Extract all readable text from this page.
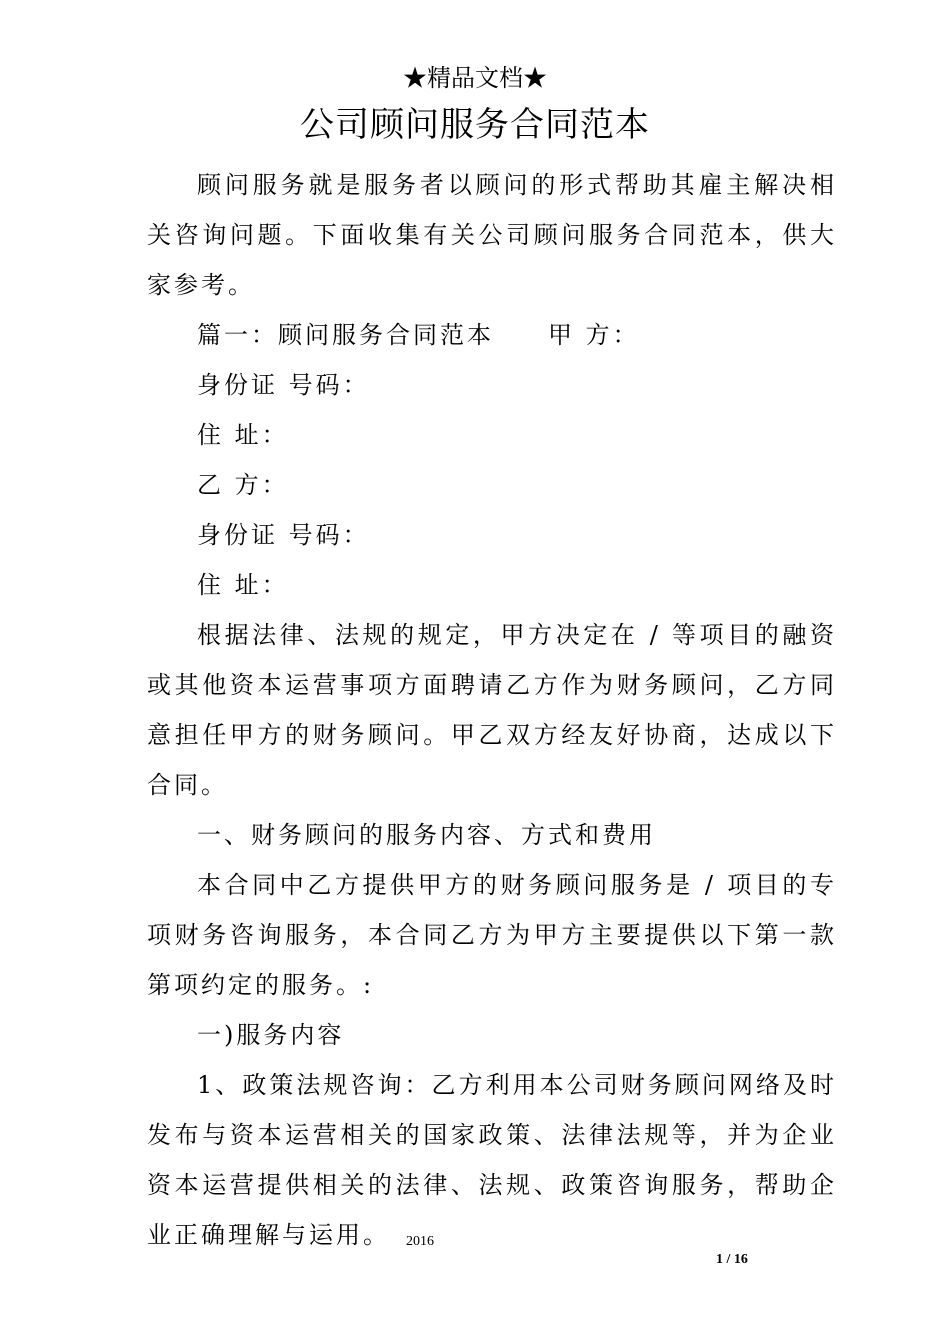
★精品文档★
公司顾问服务合同范本

顾问服务就是服务者以顾问的形式帮助其雇主解决相关咨询问题。下面收集有关公司顾问服务合同范本，供大家参考。

篇一：顾问服务合同范本　　甲 方：

身份证 号码：

住 址：

乙 方：

身份证 号码：

住 址：

根据法律、法规的规定，甲方决定在 / 等项目的融资或其他资本运营事项方面聘请乙方作为财务顾问，乙方同意担任甲方的财务顾问。甲乙双方经友好协商，达成以下合同。

一、财务顾问的服务内容、方式和费用

本合同中乙方提供甲方的财务顾问服务是 / 项目的专项财务咨询服务，本合同乙方为甲方主要提供以下第一款第项约定的服务。:

一)服务内容

1、政策法规咨询：乙方利用本公司财务顾问网络及时发布与资本运营相关的国家政策、法律法规等，并为企业资本运营提供相关的法律、法规、政策咨询服务，帮助企业正确理解与运用。	2016
1 / 16
